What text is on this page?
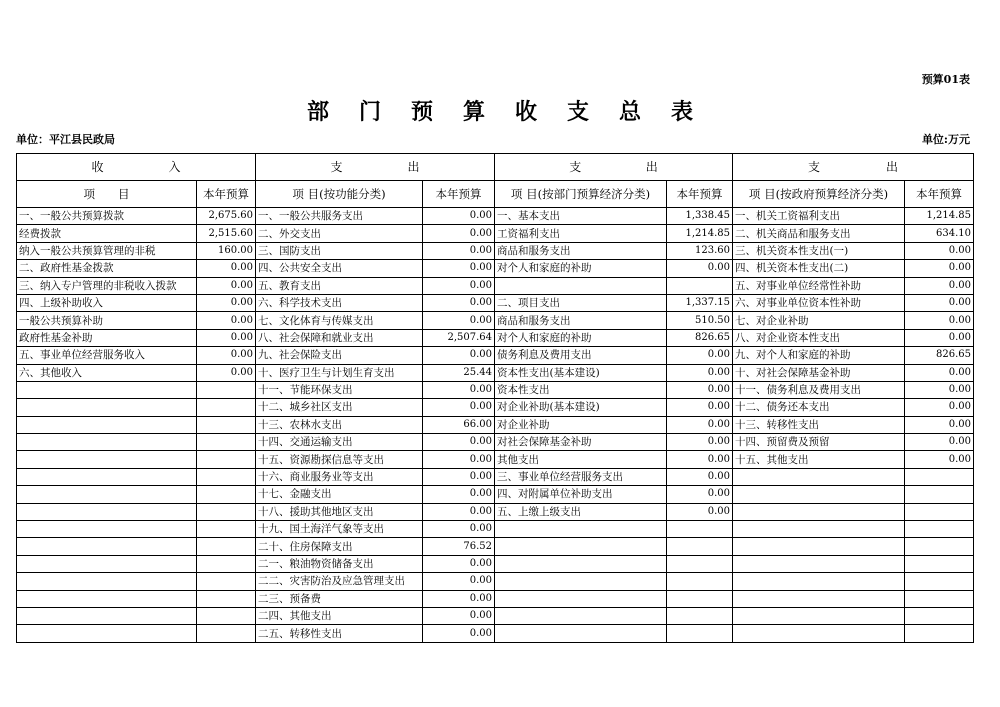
预算01表
部门预算收支总表
单位：平江县民政局	单位:万元
收 入		支 出		支 出		支 出	

项　　目	本年预算	项 目(按功能分类)	本年预算	项 目(按部门预算经济分类)	本年预算	项 目(按政府预算经济分类)	本年预算
一、一般公共预算拨款	2,675.60	一、一般公共服务支出	0.00	一、基本支出	1,338.45	一、机关工资福利支出	1,214.85
经费拨款	2,515.60	二、外交支出	0.00	工资福利支出	1,214.85	二、机关商品和服务支出	634.10
纳入一般公共预算管理的非税	160.00	三、国防支出	0.00	商品和服务支出	123.60	三、机关资本性支出(一)	0.00
二、政府性基金拨款	0.00	四、公共安全支出	0.00	对个人和家庭的补助	0.00	四、机关资本性支出(二)	0.00
三、纳入专户管理的非税收入拨款	0.00	五、教育支出	0.00			五、对事业单位经常性补助	0.00
四、上级补助收入	0.00	六、科学技术支出	0.00	二、项目支出	1,337.15	六、对事业单位资本性补助	0.00
一般公共预算补助	0.00	七、文化体育与传媒支出	0.00	商品和服务支出	510.50	七、对企业补助	0.00
政府性基金补助	0.00	八、社会保障和就业支出	2,507.64	对个人和家庭的补助	826.65	八、对企业资本性支出	0.00
五、事业单位经营服务收入	0.00	九、社会保险支出	0.00	债务利息及费用支出	0.00	九、对个人和家庭的补助	826.65
六、其他收入	0.00	十、医疗卫生与计划生育支出	25.44	资本性支出(基本建设)	0.00	十、对社会保障基金补助	0.00
		十一、节能环保支出	0.00	资本性支出	0.00	十一、债务利息及费用支出	0.00
		十二、城乡社区支出	0.00	对企业补助(基本建设)	0.00	十二、债务还本支出	0.00
		十三、农林水支出	66.00	对企业补助	0.00	十三、转移性支出	0.00
		十四、交通运输支出	0.00	对社会保障基金补助	0.00	十四、预留费及预留	0.00
		十五、资源勘探信息等支出	0.00	其他支出	0.00	十五、其他支出	0.00
		十六、商业服务业等支出	0.00	三、事业单位经营服务支出	0.00		
		十七、金融支出	0.00	四、对附属单位补助支出	0.00		
		十八、援助其他地区支出	0.00	五、上缴上级支出	0.00		
		十九、国土海洋气象等支出	0.00				
		二十、住房保障支出	76.52				
		二一、粮油物资储备支出	0.00				
		二二、灾害防治及应急管理支出	0.00				
		二三、预备费	0.00				
		二四、其他支出	0.00				
		二五、转移性支出	0.00				
